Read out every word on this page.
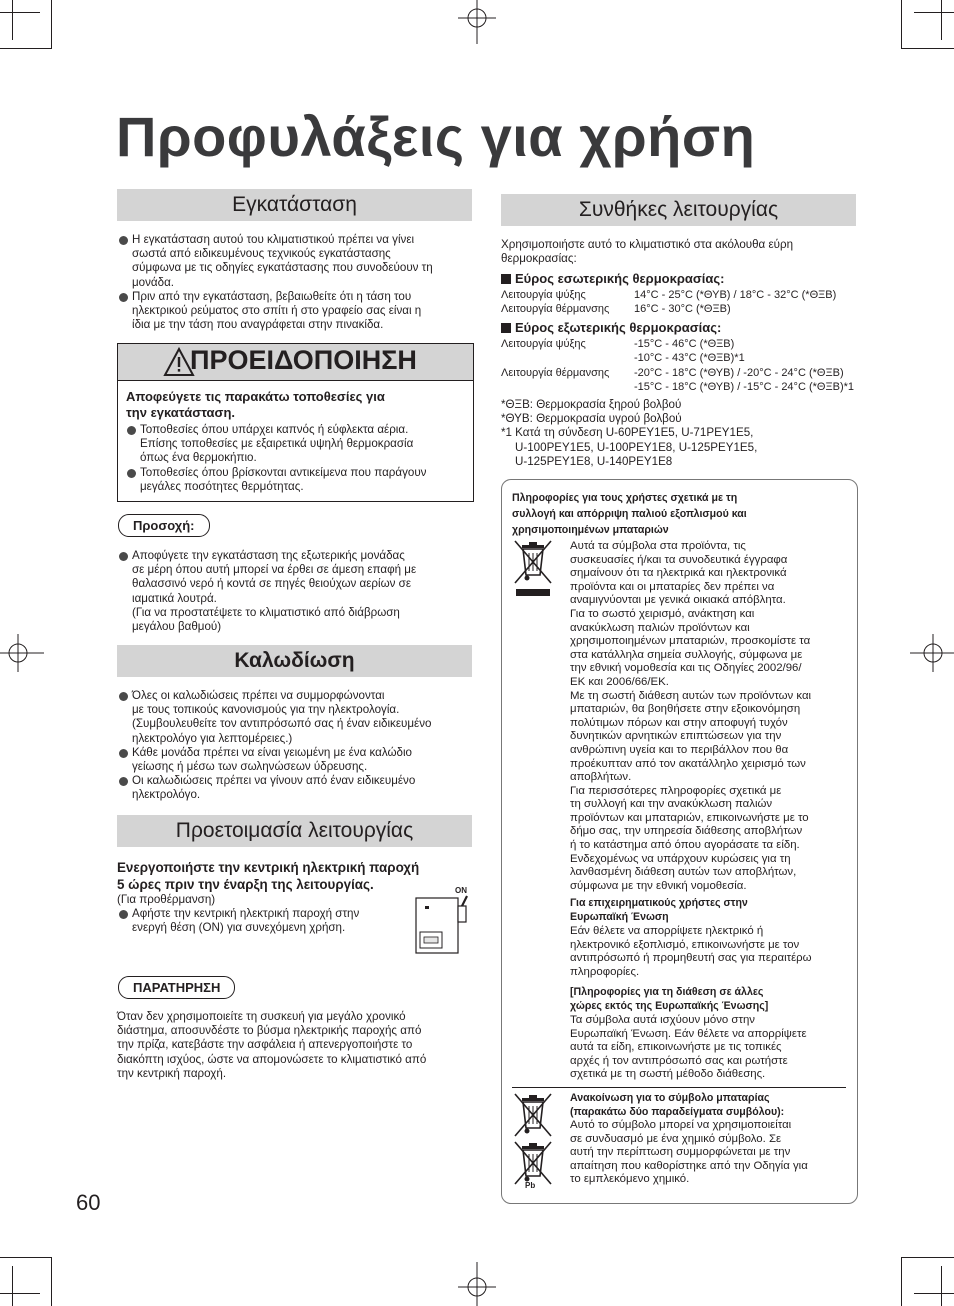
Προφυλάξεις για χρήση
Εγκατάσταση

Η εγκατάσταση αυτού του κλιματιστικού πρέπει να γίνει
σωστά από ειδικευμένους τεχνικούς εγκατάστασης
σύμφωνα με τις οδηγίες εγκατάστασης που συνοδεύουν τη
μονάδα.

Πριν από την εγκατάσταση, βεβαιωθείτε ότι η τάση του
ηλεκτρικού ρεύματος στο σπίτι ή στο γραφείο σας είναι η
ίδια με την τάση που αναγράφεται στην πινακίδα.

ΠΡΟΕΙΔΟΠΟΙΗΣΗ
Αποφεύγετε τις παρακάτω τοποθεσίες για
την εγκατάσταση.

Τοποθεσίες όπου υπάρχει καπνός ή εύφλεκτα αέρια.
Επίσης τοποθεσίες με εξαιρετικά υψηλή θερμοκρασία
όπως ένα θερμοκήπιο.

Τοποθεσίες όπου βρίσκονται αντικείμενα που παράγουν
μεγάλες ποσότητες θερμότητας.

Προσοχή:

Αποφύγετε την εγκατάσταση της εξωτερικής μονάδας
σε μέρη όπου αυτή μπορεί να έρθει σε άμεση επαφή με
θαλασσινό νερό ή κοντά σε πηγές θειούχων αερίων σε
ιαματικά λουτρά.
(Για να προστατέψετε το κλιματιστικό από διάβρωση
μεγάλου βαθμού)

Καλωδίωση

Όλες οι καλωδιώσεις πρέπει να συμμορφώνονται
με τους τοπικούς κανονισμούς για την ηλεκτρολογία.
(Συμβουλευθείτε τον αντιπρόσωπό σας ή έναν ειδικευμένο
ηλεκτρολόγο για λεπτομέρειες.)

Κάθε μονάδα πρέπει να είναι γειωμένη με ένα καλώδιο
γείωσης ή μέσω των σωληνώσεων ύδρευσης.

Οι καλωδιώσεις πρέπει να γίνουν από έναν ειδικευμένο
ηλεκτρολόγο.

Προετοιμασία λειτουργίας
Ενεργοποιήστε την κεντρική ηλεκτρική παροχή
5 ώρες πριν την έναρξη της λειτουργίας.
(Για προθέρμανση)

Αφήστε την κεντρική ηλεκτρική παροχή στην
ενεργή θέση (ON) για συνεχόμενη χρήση.

ON
ΠΑΡΑΤΗΡΗΣΗ
Όταν δεν χρησιμοποιείτε τη συσκευή για μεγάλο χρονικό
διάστημα, αποσυνδέστε το βύσμα ηλεκτρικής παροχής από
την πρίζα, κατεβάστε την ασφάλεια ή απενεργοποιήστε το
διακόπτη ισχύος, ώστε να απομονώσετε το κλιματιστικό από
την κεντρική παροχή.
60
Συνθήκες λειτουργίας
Χρησιμοποιήστε αυτό το κλιματιστικό στα ακόλουθα εύρη
θερμοκρασίας:
Εύρος εσωτερικής θερμοκρασίας:
Λειτουργία ψύξης	14°C - 25°C (*ΘΥΒ) / 18°C - 32°C (*ΘΞΒ)
Λειτουργία θέρμανσης 16°C - 30°C (*ΘΞΒ)
Εύρος εξωτερικής θερμοκρασίας:
Λειτουργία ψύξης	-15°C - 46°C (*ΘΞΒ)
-10°C - 43°C (*ΘΞΒ)*1
Λειτουργία θέρμανσης -20°C - 18°C (*ΘΥΒ) / -20°C - 24°C (*ΘΞΒ)
-15°C - 18°C (*ΘΥΒ) / -15°C - 24°C (*ΘΞΒ)*1
*ΘΞΒ: Θερμοκρασία ξηρού βολβού
*ΘΥΒ: Θερμοκρασία υγρού βολβού
*1 Κατά τη σύνδεση U-60PEY1E5, U-71PEY1E5,
U-100PEY1E5, U-100PEY1E8, U-125PEY1E5,
U-125PEY1E8, U-140PEY1E8
Πληροφορίες για τους χρήστες σχετικά με τη
συλλογή και απόρριψη παλιού εξοπλισμού και
χρησιμοποιημένων μπαταριών
Αυτά τα σύμβολα στα προϊόντα, τις
συσκευασίες ή/και τα συνοδευτικά έγγραφα
σημαίνουν ότι τα ηλεκτρικά και ηλεκτρονικά
προϊόντα και οι μπαταρίες δεν πρέπει να
αναμιγνύονται με γενικά οικιακά απόβλητα.
Για το σωστό χειρισμό, ανάκτηση και
ανακύκλωση παλιών προϊόντων και
χρησιμοποιημένων μπαταριών, προσκομίστε τα
στα κατάλληλα σημεία συλλογής, σύμφωνα με
την εθνική νομοθεσία και τις Οδηγίες 2002/96/
ΕΚ και 2006/66/ΕΚ.
Με τη σωστή διάθεση αυτών των προϊόντων και
μπαταριών, θα βοηθήσετε στην εξοικονόμηση
πολύτιμων πόρων και στην αποφυγή τυχόν
δυνητικών αρνητικών επιπτώσεων για την
ανθρώπινη υγεία και το περιβάλλον που θα
προέκυπταν από τον ακατάλληλο χειρισμό των
αποβλήτων.
Για περισσότερες πληροφορίες σχετικά με
τη συλλογή και την ανακύκλωση παλιών
προϊόντων και μπαταριών, επικοινωνήστε με το
δήμο σας, την υπηρεσία διάθεσης αποβλήτων
ή το κατάστημα από όπου αγοράσατε τα είδη.
Ενδεχομένως να υπάρχουν κυρώσεις για τη
λανθασμένη διάθεση αυτών των αποβλήτων,
σύμφωνα με την εθνική νομοθεσία.
Για επιχειρηματικούς χρήστες στην
Ευρωπαϊκή Ένωση
Εάν θέλετε να απορρίψετε ηλεκτρικό ή
ηλεκτρονικό εξοπλισμό, επικοινωνήστε με τον
αντιπρόσωπό ή προμηθευτή σας για περαιτέρω
πληροφορίες.
[Πληροφορίες για τη διάθεση σε άλλες
χώρες εκτός της Ευρωπαϊκής Ένωσης]
Τα σύμβολα αυτά ισχύουν μόνο στην
Ευρωπαϊκή Ένωση. Εάν θέλετε να απορρίψετε
αυτά τα είδη, επικοινωνήστε με τις τοπικές
αρχές ή τον αντιπρόσωπό σας και ρωτήστε
σχετικά με τη σωστή μέθοδο διάθεσης.
Pb
Ανακοίνωση για το σύμβολο μπαταρίας
(παρακάτω δύο παραδείγματα συμβόλου):
Αυτό το σύμβολο μπορεί να χρησιμοποιείται
σε συνδυασμό με ένα χημικό σύμβολο. Σε
αυτή την περίπτωση συμμορφώνεται με την
απαίτηση που καθορίστηκε από την Οδηγία για
το εμπλεκόμενο χημικό.
